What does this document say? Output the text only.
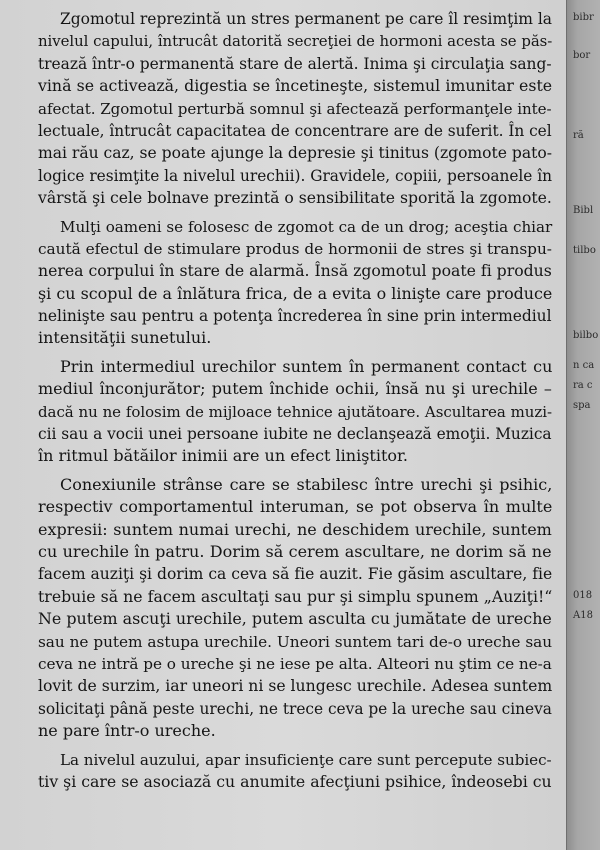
Zgomotul reprezintă un stres permanent pe care îl resimţim la
nivelul capului, întrucât datorită secreţiei de hormoni acesta se păs-
trează într-o permanentă stare de alertă. Inima şi circulaţia sang-
vină se activează, digestia se încetineşte, sistemul imunitar este
afectat. Zgomotul perturbă somnul şi afectează performanţele inte-
lectuale, întrucât capacitatea de concentrare are de suferit. În cel
mai rău caz, se poate ajunge la depresie şi tinitus (zgomote pato-
logice resimţite la nivelul urechii). Gravidele, copiii, persoanele în
vârstă şi cele bolnave prezintă o sensibilitate sporită la zgomote.
Mulţi oameni se folosesc de zgomot ca de un drog; aceştia chiar
caută efectul de stimulare produs de hormonii de stres şi transpu-
nerea corpului în stare de alarmă. Însă zgomotul poate fi produs
şi cu scopul de a înlătura frica, de a evita o linişte care produce
nelinişte sau pentru a potenţa încrederea în sine prin intermediul
intensităţii sunetului.
Prin intermediul urechilor suntem în permanent contact cu
mediul înconjurător; putem închide ochii, însă nu şi urechile –
dacă nu ne folosim de mijloace tehnice ajutătoare. Ascultarea muzi-
cii sau a vocii unei persoane iubite ne declanşează emoţii. Muzica
în ritmul bătăilor inimii are un efect liniştitor.
Conexiunile strânse care se stabilesc între urechi şi psihic,
respectiv comportamentul interuman, se pot observa în multe
expresii: suntem numai urechi, ne deschidem urechile, suntem
cu urechile în patru. Dorim să cerem ascultare, ne dorim să ne
facem auziţi şi dorim ca ceva să fie auzit. Fie găsim ascultare, fie
trebuie să ne facem ascultaţi sau pur şi simplu spunem „Auziţi!“
Ne putem ascuţi urechile, putem asculta cu jumătate de ureche
sau ne putem astupa urechile. Uneori suntem tari de-o ureche sau
ceva ne intră pe o ureche şi ne iese pe alta. Alteori nu ştim ce ne-a
lovit de surzim, iar uneori ni se lungesc urechile. Adesea suntem
solicitaţi până peste urechi, ne trece ceva pe la ureche sau cineva
ne pare într-o ureche.
La nivelul auzului, apar insuficienţe care sunt percepute subiec-
tiv şi care se asociază cu anumite afecţiuni psihice, îndeosebi cu
bibr
bor
ră
Bibl
tilbo
bilbo
n ca
ra c
spa
018
A18
